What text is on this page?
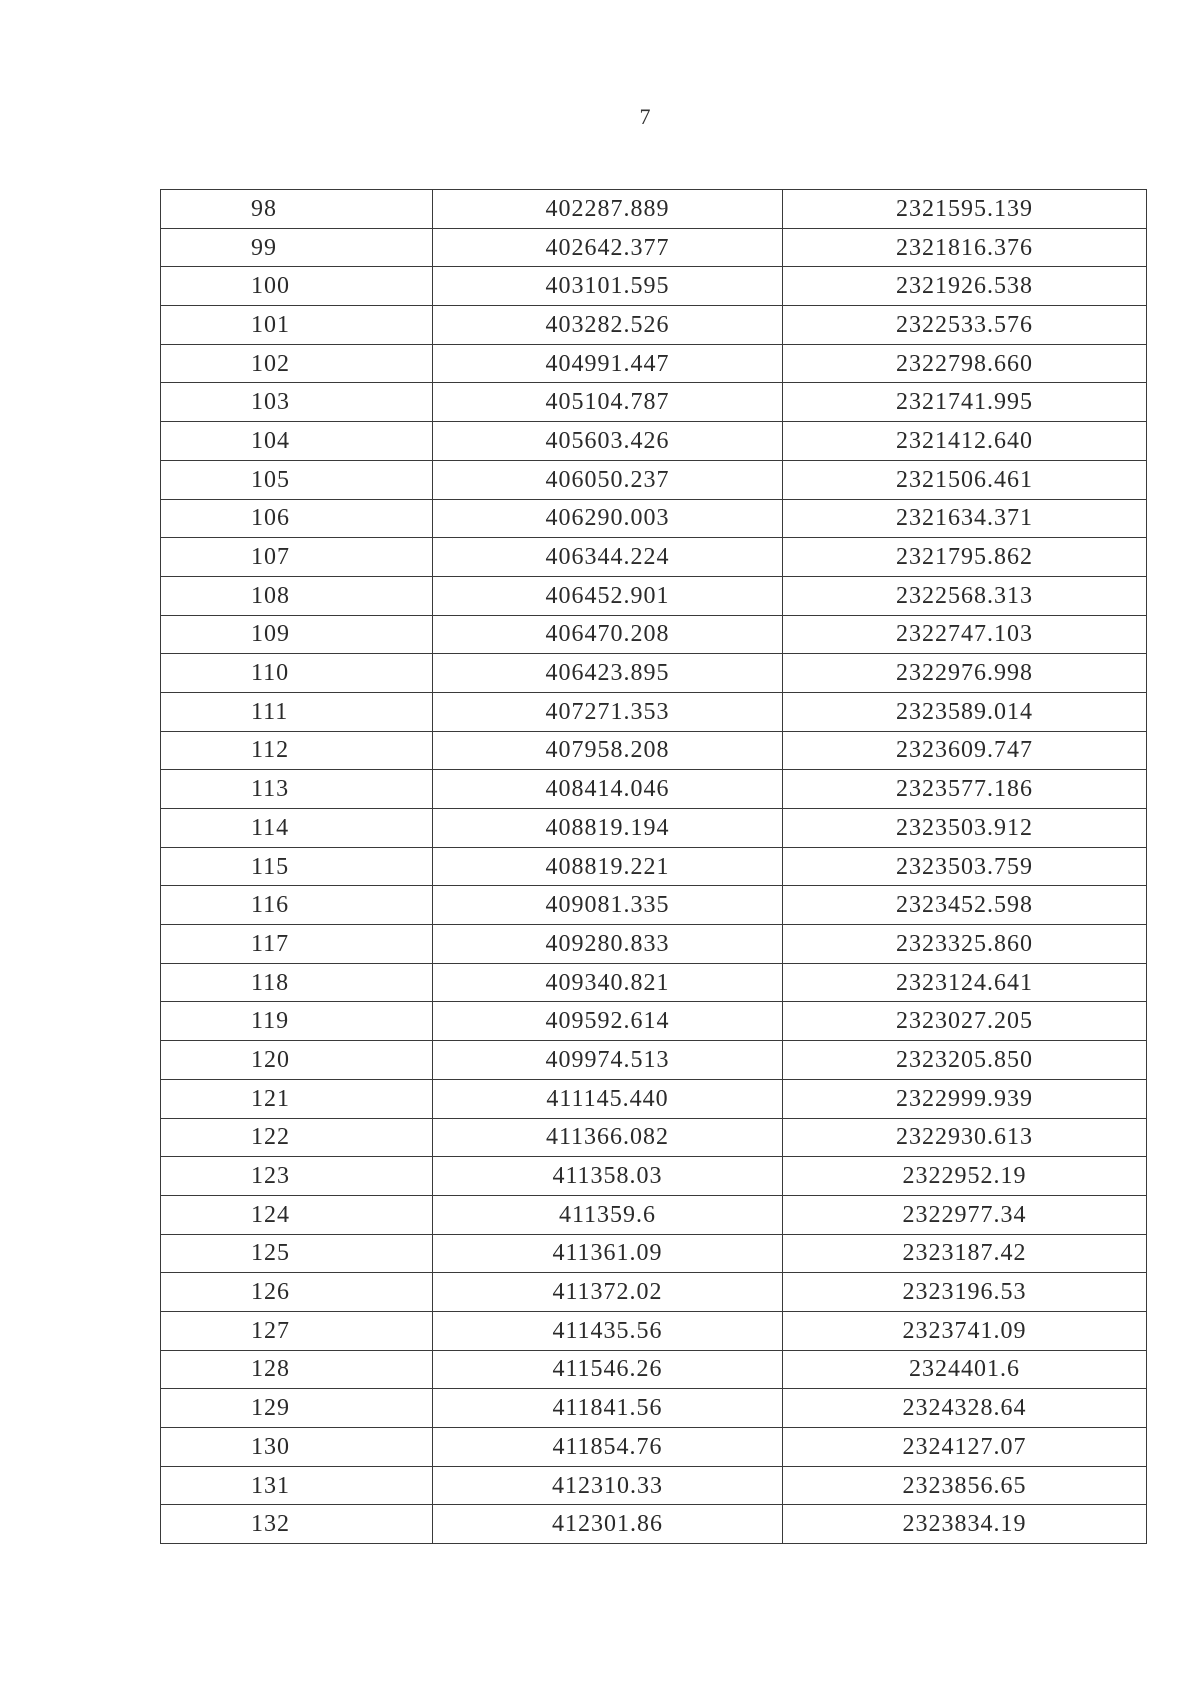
7
98	402287.889	2321595.139
99	402642.377	2321816.376
100	403101.595	2321926.538
101	403282.526	2322533.576
102	404991.447	2322798.660
103	405104.787	2321741.995
104	405603.426	2321412.640
105	406050.237	2321506.461
106	406290.003	2321634.371
107	406344.224	2321795.862
108	406452.901	2322568.313
109	406470.208	2322747.103
110	406423.895	2322976.998
111	407271.353	2323589.014
112	407958.208	2323609.747
113	408414.046	2323577.186
114	408819.194	2323503.912
115	408819.221	2323503.759
116	409081.335	2323452.598
117	409280.833	2323325.860
118	409340.821	2323124.641
119	409592.614	2323027.205
120	409974.513	2323205.850
121	411145.440	2322999.939
122	411366.082	2322930.613
123	411358.03	2322952.19
124	411359.6	2322977.34
125	411361.09	2323187.42
126	411372.02	2323196.53
127	411435.56	2323741.09
128	411546.26	2324401.6
129	411841.56	2324328.64
130	411854.76	2324127.07
131	412310.33	2323856.65
132	412301.86	2323834.19
